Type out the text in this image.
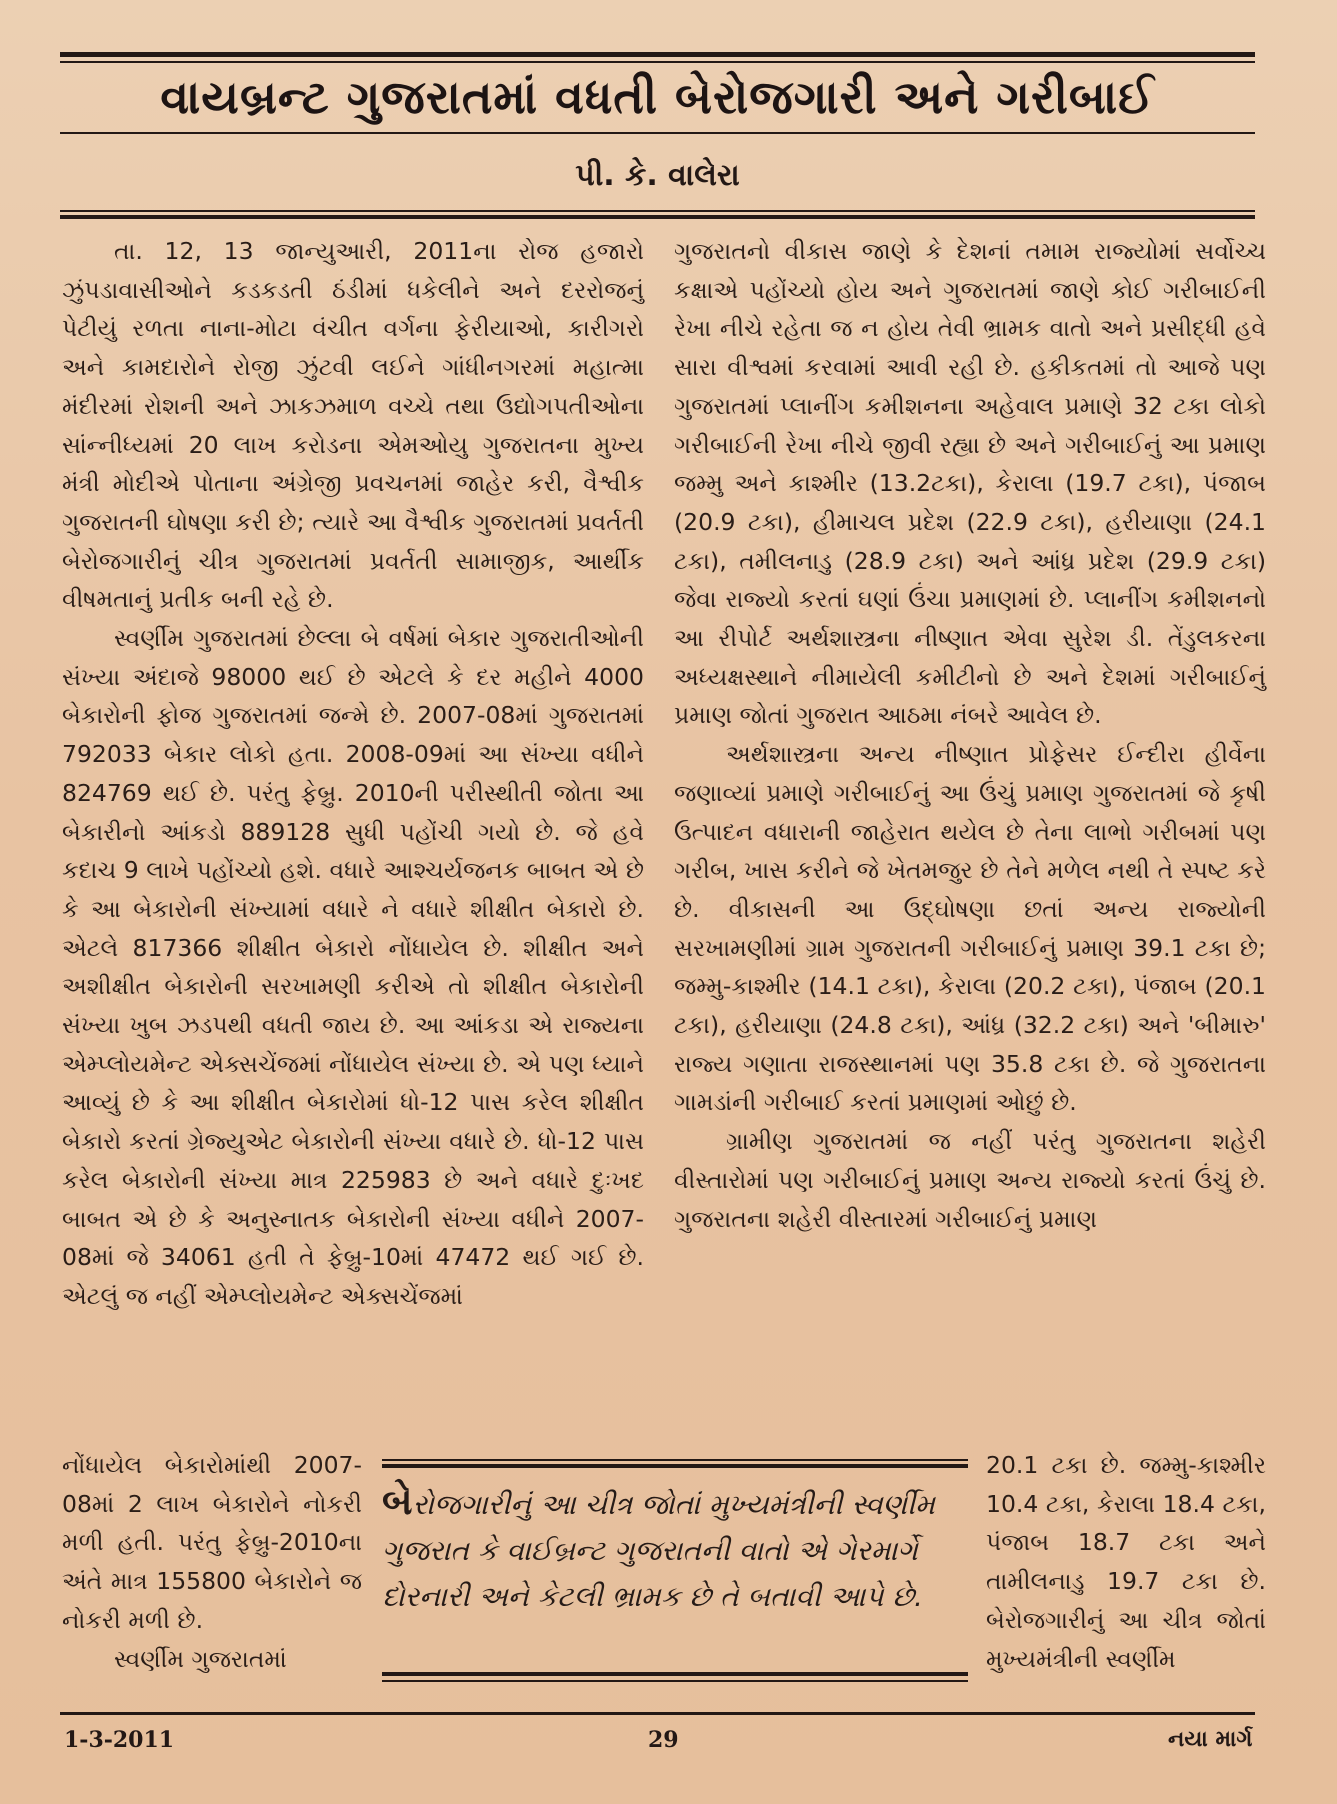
વાયબ્રન્ટ ગુજરાતમાં વધતી બેરોજગારી અને ગરીબાઈ
પી. કે. વાલેરા

તા. 12, 13 જાન્યુઆરી, 2011ના રોજ હજારો ઝુંપડાવાસીઓને કડકડતી ઠંડીમાં ધકેલીને અને દરરોજનું પેટીયું રળતા નાના-મોટા વંચીત વર્ગના ફેરીયાઓ, કારીગરો અને કામદારોને રોજી ઝુંટવી લઈને ગાંધીનગરમાં મહાત્મા મંદીરમાં રોશની અને ઝાકઝમાળ વચ્ચે તથા ઉદ્યોગપતીઓના સાંન્નીધ્યમાં 20 લાખ કરોડના એમઓયુ ગુજરાતના મુખ્ય મંત્રી મોદીએ પોતાના અંગ્રેજી પ્રવચનમાં જાહેર કરી, વૈશ્વીક ગુજરાતની ઘોષણા કરી છે; ત્યારે આ વૈશ્વીક ગુજરાતમાં પ્રવર્તતી બેરોજગારીનું ચીત્ર ગુજરાતમાં પ્રવર્તતી સામાજીક, આર્થીક વીષમતાનું પ્રતીક બની રહે છે.

સ્વર્ણીમ ગુજરાતમાં છેલ્લા બે વર્ષમાં બેકાર ગુજરાતીઓની સંખ્યા અંદાજે 98000 થઈ છે એટલે કે દર મહીને 4000 બેકારોની ફોજ ગુજરાતમાં જન્મે છે. 2007-08માં ગુજરાતમાં 792033 બેકાર લોકો હતા. 2008-09માં આ સંખ્યા વધીને 824769 થઈ છે. પરંતુ ફેબ્રુ. 2010ની પરીસ્થીતી જોતા આ બેકારીનો આંકડો 889128 સુધી પહોંચી ગયો છે. જે હવે કદાચ 9 લાખે પહોંચ્યો હશે. વધારે આશ્ચર્યજનક બાબત એ છે કે આ બેકારોની સંખ્યામાં વધારે ને વધારે શીક્ષીત બેકારો છે. એટલે 817366 શીક્ષીત બેકારો નોંધાયેલ છે. શીક્ષીત અને અશીક્ષીત બેકારોની સરખામણી કરીએ તો શીક્ષીત બેકારોની સંખ્યા ખુબ ઝડપથી વધતી જાય છે. આ આંકડા એ રાજ્યના એમ્પ્લોયમેન્ટ એક્સચેંજમાં નોંધાયેલ સંખ્યા છે. એ પણ ધ્યાને આવ્યું છે કે આ શીક્ષીત બેકારોમાં ધો-12 પાસ કરેલ શીક્ષીત બેકારો કરતાં ગ્રેજ્યુએટ બેકારોની સંખ્યા વધારે છે. ધો-12 પાસ કરેલ બેકારોની સંખ્યા માત્ર 225983 છે અને વધારે દુઃખદ બાબત એ છે કે અનુસ્નાતક બેકારોની સંખ્યા વધીને 2007-08માં જે 34061 હતી તે ફેબ્રુ-10માં 47472 થઈ ગઈ છે. એટલું જ નહીં એમ્પ્લોયમેન્ટ એક્સચેંજમાં

ગુજરાતનો વીકાસ જાણે કે દેશનાં તમામ રાજ્યોમાં સર્વોચ્ચ કક્ષાએ પહોંચ્યો હોય અને ગુજરાતમાં જાણે કોઈ ગરીબાઈની રેખા નીચે રહેતા જ ન હોય તેવી ભ્રામક વાતો અને પ્રસીદ્ધી હવે સારા વીશ્વમાં કરવામાં આવી રહી છે. હકીકતમાં તો આજે પણ ગુજરાતમાં પ્લાનીંગ કમીશનના અહેવાલ પ્રમાણે 32 ટકા લોકો ગરીબાઈની રેખા નીચે જીવી રહ્યા છે અને ગરીબાઈનું આ પ્રમાણ જમ્મુ અને કાશ્મીર (13.2ટકા), કેરાલા (19.7 ટકા), પંજાબ (20.9 ટકા), હીમાચલ પ્રદેશ (22.9 ટકા), હરીયાણા (24.1 ટકા), તમીલનાડુ (28.9 ટકા) અને આંધ્ર પ્રદેશ (29.9 ટકા) જેવા રાજ્યો કરતાં ઘણાં ઉંચા પ્રમાણમાં છે. પ્લાનીંગ કમીશનનો આ રીપોર્ટ અર્થશાસ્ત્રના નીષ્ણાત એવા સુરેશ ડી. તેંડુલકરના અધ્યક્ષસ્થાને નીમાયેલી કમીટીનો છે અને દેશમાં ગરીબાઈનું પ્રમાણ જોતાં ગુજરાત આઠમા નંબરે આવેલ છે.

અર્થશાસ્ત્રના અન્ય નીષ્ણાત પ્રોફેસર ઈન્દીરા હીર્વેના જણાવ્યાં પ્રમાણે ગરીબાઈનું આ ઉંચું પ્રમાણ ગુજરાતમાં જે કૃષી ઉત્પાદન વધારાની જાહેરાત થયેલ છે તેના લાભો ગરીબમાં પણ ગરીબ, ખાસ કરીને જે ખેતમજુર છે તેને મળેલ નથી તે સ્પષ્ટ કરે છે. વીકાસની આ ઉદ્ઘોષણા છતાં અન્ય રાજ્યોની સરખામણીમાં ગ્રામ ગુજરાતની ગરીબાઈનું પ્રમાણ 39.1 ટકા છે; જમ્મુ-કાશ્મીર (14.1 ટકા), કેરાલા (20.2 ટકા), પંજાબ (20.1 ટકા), હરીયાણા (24.8 ટકા), આંધ્ર (32.2 ટકા) અને 'બીમારુ' રાજ્ય ગણાતા રાજસ્થાનમાં પણ 35.8 ટકા છે. જે ગુજરાતના ગામડાંની ગરીબાઈ કરતાં પ્રમાણમાં ઓછું છે.

ગ્રામીણ ગુજરાતમાં જ નહીં પરંતુ ગુજરાતના શહેરી વીસ્તારોમાં પણ ગરીબાઈનું પ્રમાણ અન્ય રાજ્યો કરતાં ઉંચું છે. ગુજરાતના શહેરી વીસ્તારમાં ગરીબાઈનું પ્રમાણ

નોંધાયેલ બેકારોમાંથી 2007-08માં 2 લાખ બેકારોને નોકરી મળી હતી. પરંતુ ફેબ્રુ-2010ના અંતે માત્ર 155800 બેકારોને જ નોકરી મળી છે.

સ્વર્ણીમ ગુજરાતમાં

20.1 ટકા છે. જમ્મુ-કાશ્મીર 10.4 ટકા, કેરાલા 18.4 ટકા, પંજાબ 18.7 ટકા અને તામીલનાડુ 19.7 ટકા છે. બેરોજગારીનું આ ચીત્ર જોતાં મુખ્યમંત્રીની સ્વર્ણીમ

બેરોજગારીનું આ ચીત્ર જોતાં મુખ્યમંત્રીની સ્વર્ણીમ ગુજરાત કે વાઈબ્રન્ટ ગુજરાતની વાતો એ ગેરમાર્ગે દોરનારી અને કેટલી ભ્રામક છે તે બતાવી આપે છે.
1-3-2011	29	નયા માર્ગ
